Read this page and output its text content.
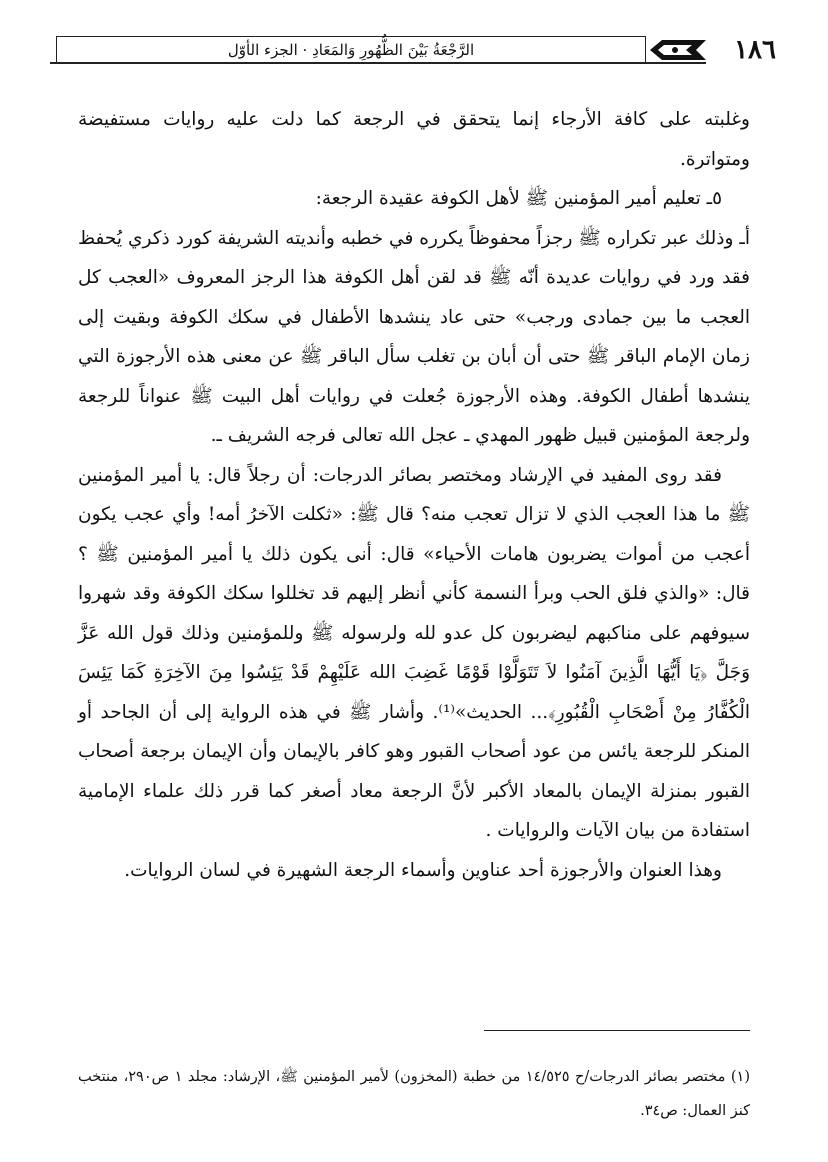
الرَّجْعَةُ بَيْنَ الظُّهُورِ وَالمَعَادِ · الجزء الأوّل	١٨٦

وغلبته على كافة الأرجاء إنما يتحقق في الرجعة كما دلت عليه روايات مستفيضة ومتواترة.

٥ـ تعليم أمير المؤمنين ﷺ لأهل الكوفة عقيدة الرجعة:

أـ وذلك عبر تكراره ﷺ رجزاً محفوظاً يكرره في خطبه وأنديته الشريفة كورد ذكري يُحفظ فقد ورد في روايات عديدة أنّه ﷺ قد لقن أهل الكوفة هذا الرجز المعروف «العجب كل العجب ما بين جمادى ورجب» حتى عاد ينشدها الأطفال في سكك الكوفة وبقيت إلى زمان الإمام الباقر ﷺ حتى أن أبان بن تغلب سأل الباقر ﷺ عن معنى هذه الأرجوزة التي ينشدها أطفال الكوفة. وهذه الأرجوزة جُعلت في روايات أهل البيت ﷺ عنواناً للرجعة ولرجعة المؤمنين قبيل ظهور المهدي ـ عجل الله تعالى فرجه الشريف ـ.

فقد روى المفيد في الإرشاد ومختصر بصائر الدرجات: أن رجلاً قال: يا أمير المؤمنين ﷺ ما هذا العجب الذي لا تزال تعجب منه؟ قال ﷺ: «ثكلت الآخرُ أمه! وأي عجب يكون أعجب من أموات يضربون هامات الأحياء» قال: أنى يكون ذلك يا أمير المؤمنين ﷺ ؟ قال: «والذي فلق الحب وبرأ النسمة كأني أنظر إليهم قد تخللوا سكك الكوفة وقد شهروا سيوفهم على مناكبهم ليضربون كل عدو لله ولرسوله ﷺ وللمؤمنين وذلك قول الله عَزَّ وَجَلَّ ﴿يَا أَيُّهَا الَّذِينَ آمَنُوا لاَ تَتَوَلَّوْا قَوْمًا غَضِبَ الله عَلَيْهِمْ قَدْ يَئِسُوا مِنَ الآخِرَةِ كَمَا يَئِسَ الْكُفَّارُ مِنْ أَصْحَابِ الْقُبُورِ﴾... الحديث»⁽¹⁾. وأشار ﷺ في هذه الرواية إلى أن الجاحد أو المنكر للرجعة يائس من عود أصحاب القبور وهو كافر بالإيمان وأن الإيمان برجعة أصحاب القبور بمنزلة الإيمان بالمعاد الأكبر لأنَّ الرجعة معاد أصغر كما قرر ذلك علماء الإمامية استفادة من بيان الآيات والروايات .

وهذا العنوان والأرجوزة أحد عناوين وأسماء الرجعة الشهيرة في لسان الروايات.

(١) مختصر بصائر الدرجات/ح ١٤/٥٢٥ من خطبة (المخزون) لأمير المؤمنين ﷺ، الإرشاد: مجلد ١ ص٢٩٠، منتخب كنز العمال: ص٣٤.
